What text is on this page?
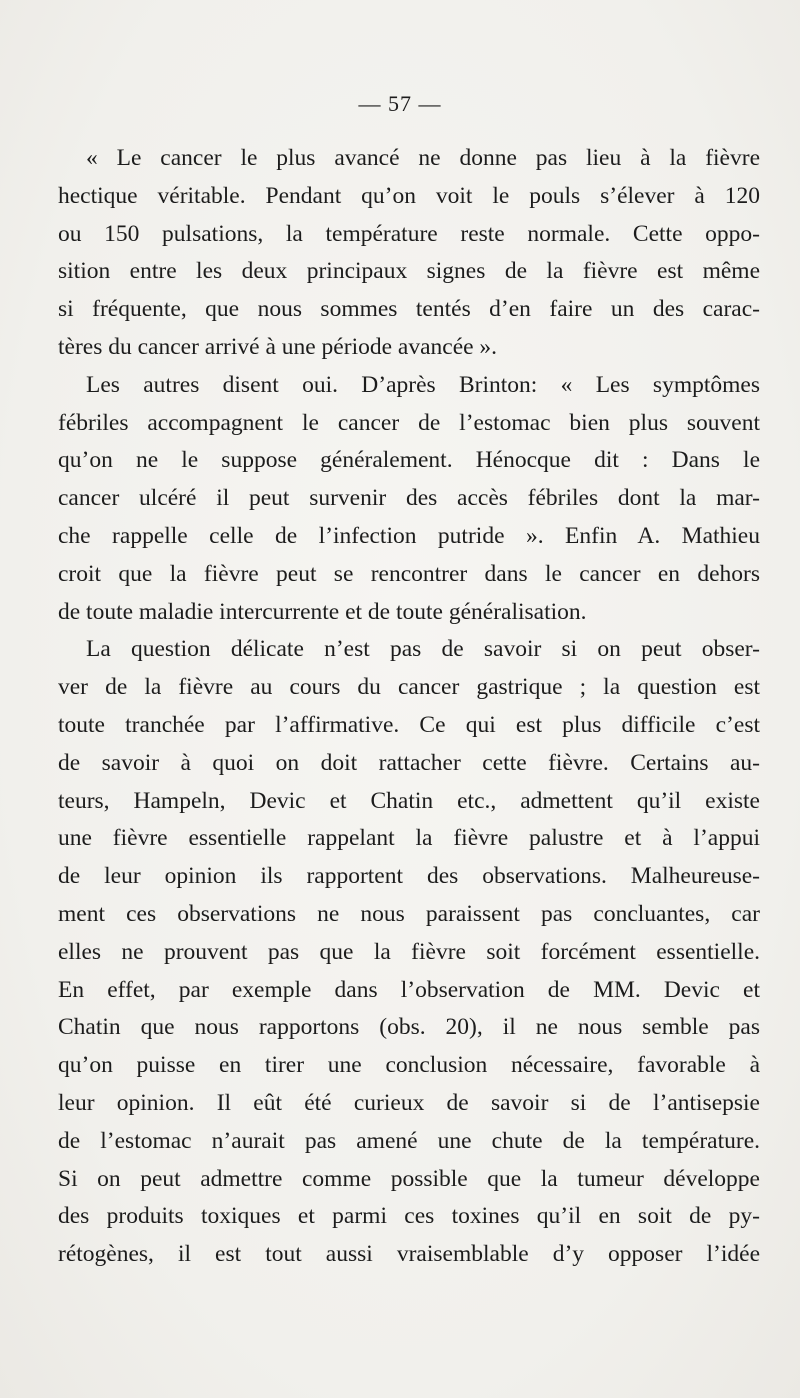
— 57 —
« Le cancer le plus avancé ne donne pas lieu à la fièvre
hectique véritable. Pendant qu’on voit le pouls s’élever à 120
ou 150 pulsations, la température reste normale. Cette oppo-
sition entre les deux principaux signes de la fièvre est même
si fréquente, que nous sommes tentés d’en faire un des carac-
tères du cancer arrivé à une période avancée ».
Les autres disent oui. D’après Brinton: « Les symptômes
fébriles accompagnent le cancer de l’estomac bien plus souvent
qu’on ne le suppose généralement. Hénocque dit : Dans le
cancer ulcéré il peut survenir des accès fébriles dont la mar-
che rappelle celle de l’infection putride ». Enfin A. Mathieu
croit que la fièvre peut se rencontrer dans le cancer en dehors
de toute maladie intercurrente et de toute généralisation.
La question délicate n’est pas de savoir si on peut obser-
ver de la fièvre au cours du cancer gastrique ; la question est
toute tranchée par l’affirmative. Ce qui est plus difficile c’est
de savoir à quoi on doit rattacher cette fièvre. Certains au-
teurs, Hampeln, Devic et Chatin etc., admettent qu’il existe
une fièvre essentielle rappelant la fièvre palustre et à l’appui
de leur opinion ils rapportent des observations. Malheureuse-
ment ces observations ne nous paraissent pas concluantes, car
elles ne prouvent pas que la fièvre soit forcément essentielle.
En effet, par exemple dans l’observation de MM. Devic et
Chatin que nous rapportons (obs. 20), il ne nous semble pas
qu’on puisse en tirer une conclusion nécessaire, favorable à
leur opinion. Il eût été curieux de savoir si de l’antisepsie
de l’estomac n’aurait pas amené une chute de la température.
Si on peut admettre comme possible que la tumeur développe
des produits toxiques et parmi ces toxines qu’il en soit de py-
rétogènes, il est tout aussi vraisemblable d’y opposer l’idée
